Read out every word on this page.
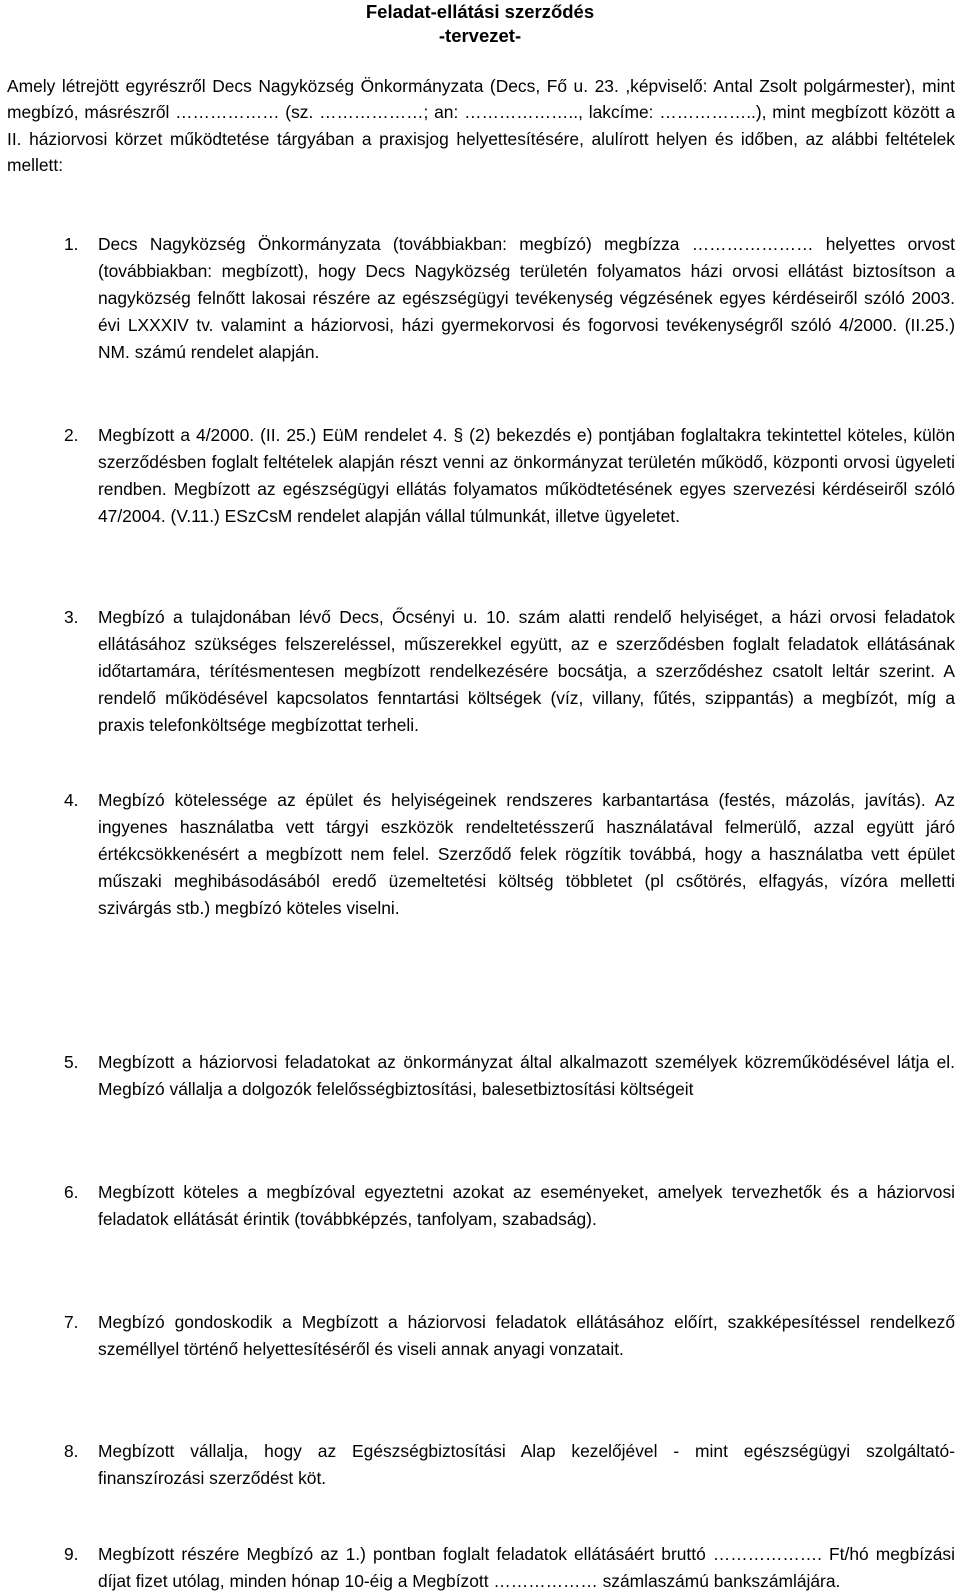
Feladat-ellátási szerződés
-tervezet-

Amely létrejött egyrészről Decs Nagyközség Önkormányzata (Decs, Fő u. 23. ,képviselő: Antal Zsolt polgármester), mint megbízó, másrészről ……………… (sz. ………………; an: ……………….., lakcíme: ……………..), mint megbízott között a II. háziorvosi körzet működtetése tárgyában a praxisjog helyettesítésére, alulírott helyen és időben, az alábbi feltételek mellett:

1.	Decs Nagyközség Önkormányzata (továbbiakban: megbízó) megbízza ………………… helyettes orvost (továbbiakban: megbízott), hogy Decs Nagyközség területén folyamatos házi orvosi ellátást biztosítson a nagyközség felnőtt lakosai részére az egészségügyi tevékenység végzésének egyes kérdéseiről szóló 2003. évi LXXXIV tv. valamint a háziorvosi, házi gyermekorvosi és fogorvosi tevékenységről szóló 4/2000. (II.25.) NM. számú rendelet alapján.
2.	Megbízott a 4/2000. (II. 25.) EüM rendelet 4. § (2) bekezdés e) pontjában foglaltakra tekintettel köteles, külön szerződésben foglalt feltételek alapján részt venni az önkormányzat területén működő, központi orvosi ügyeleti rendben. Megbízott az egészségügyi ellátás folyamatos működtetésének egyes szervezési kérdéseiről szóló 47/2004. (V.11.) ESzCsM rendelet alapján vállal túlmunkát, illetve ügyeletet.
3.	Megbízó a tulajdonában lévő Decs, Őcsényi u. 10. szám alatti rendelő helyiséget, a házi orvosi feladatok ellátásához szükséges felszereléssel, műszerekkel együtt, az e szerződésben foglalt feladatok ellátásának időtartamára, térítésmentesen megbízott rendelkezésére bocsátja, a szerződéshez csatolt leltár szerint. A rendelő működésével kapcsolatos fenntartási költségek (víz, villany, fűtés, szippantás) a megbízót, míg a praxis telefonköltsége megbízottat terheli.
4.	Megbízó kötelessége az épület és helyiségeinek rendszeres karbantartása (festés, mázolás, javítás). Az ingyenes használatba vett tárgyi eszközök rendeltetésszerű használatával felmerülő, azzal együtt járó értékcsökkenésért a megbízott nem felel. Szerződő felek rögzítik továbbá, hogy a használatba vett épület műszaki meghibásodásából eredő üzemeltetési költség többletet (pl csőtörés, elfagyás, vízóra melletti szivárgás stb.) megbízó köteles viselni.
5.	Megbízott a háziorvosi feladatokat az önkormányzat által alkalmazott személyek közreműködésével látja el. Megbízó vállalja a dolgozók felelősségbiztosítási, balesetbiztosítási költségeit
6.	Megbízott köteles a megbízóval egyeztetni azokat az eseményeket, amelyek tervezhetők és a háziorvosi feladatok ellátását érintik (továbbképzés, tanfolyam, szabadság).
7.	Megbízó gondoskodik a Megbízott a háziorvosi feladatok ellátásához előírt, szakképesítéssel rendelkező személlyel történő helyettesítéséről és viseli annak anyagi vonzatait.
8.	Megbízott vállalja, hogy az Egészségbiztosítási Alap kezelőjével - mint egészségügyi szolgáltató- finanszírozási szerződést köt.
9.	Megbízott részére Megbízó az 1.) pontban foglalt feladatok ellátásáért bruttó ………………. Ft/hó megbízási díjat fizet utólag, minden hónap 10-éig a Megbízott ……………… számlaszámú bankszámlájára.
